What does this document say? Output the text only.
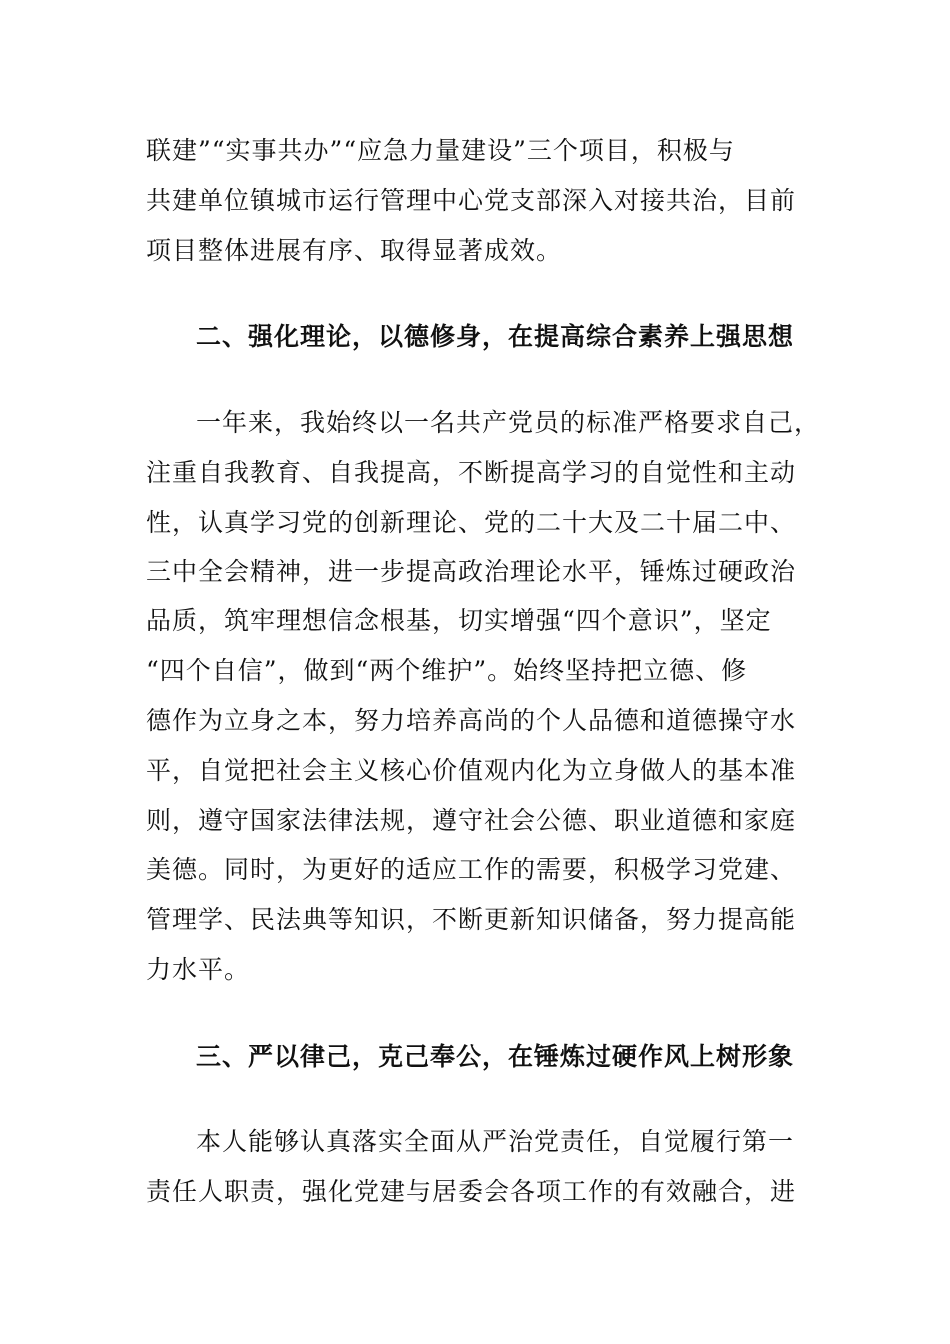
联建”“实事共办”“应急力量建设”三个项目，积极与
共建单位镇城市运行管理中心党支部深入对接共治，目前
项目整体进展有序、取得显著成效。
二、强化理论，以德修身，在提高综合素养上强思想
一年来，我始终以一名共产党员的标准严格要求自己，
注重自我教育、自我提高，不断提高学习的自觉性和主动
性，认真学习党的创新理论、党的二十大及二十届二中、
三中全会精神，进一步提高政治理论水平，锤炼过硬政治
品质，筑牢理想信念根基，切实增强“四个意识”，坚定
“四个自信”，做到“两个维护”。始终坚持把立德、修
德作为立身之本，努力培养高尚的个人品德和道德操守水
平，自觉把社会主义核心价值观内化为立身做人的基本准
则，遵守国家法律法规，遵守社会公德、职业道德和家庭
美德。同时，为更好的适应工作的需要，积极学习党建、
管理学、民法典等知识，不断更新知识储备，努力提高能
力水平。
三、严以律己，克己奉公，在锤炼过硬作风上树形象
本人能够认真落实全面从严治党责任，自觉履行第一
责任人职责，强化党建与居委会各项工作的有效融合，进
